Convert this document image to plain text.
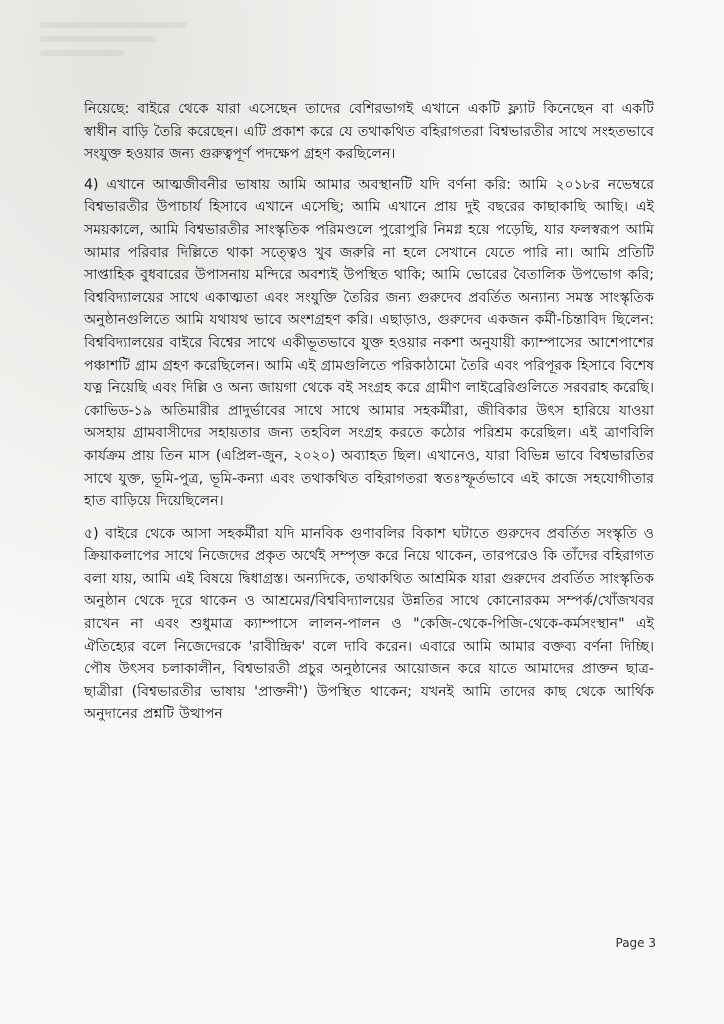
নিয়েছে: বাইরে থেকে যারা এসেছেন তাদের বেশিরভাগই এখানে একটি ফ্ল্যাট কিনেছেন বা একটি স্বাধীন বাড়ি তৈরি করেছেন। এটি প্রকাশ করে যে তথাকথিত বহিরাগতরা বিশ্বভারতীর সাথে সংহতভাবে সংযুক্ত হওয়ার জন্য গুরুত্বপূর্ণ পদক্ষেপ গ্রহণ করছিলেন।

4) এখানে আত্মজীবনীর ভাষায় আমি আমার অবস্থানটি যদি বর্ণনা করি: আমি ২০১৮র নভেম্বরে বিশ্বভারতীর উপাচার্য হিসাবে এখানে এসেছি; আমি এখানে প্রায় দুই বছরের কাছাকাছি আছি। এই সময়কালে, আমি বিশ্বভারতীর সাংস্কৃতিক পরিমণ্ডলে পুরোপুরি নিমগ্ন হয়ে পড়েছি, যার ফলস্বরূপ আমি আমার পরিবার দিল্লিতে থাকা সত্ত্বেও খুব জরুরি না হলে সেখানে যেতে পারি না। আমি প্রতিটি সাপ্তাহিক বুধবারের উপাসনায় মন্দিরে অবশ্যই উপস্থিত থাকি; আমি ভোরের বৈতালিক উপভোগ করি; বিশ্ববিদ্যালয়ের সাথে একাত্মতা এবং সংযুক্তি তৈরির জন্য গুরুদেব প্রবর্তিত অন্যান্য সমস্ত সাংস্কৃতিক অনুষ্ঠানগুলিতে আমি যথাযথ ভাবে অংশগ্রহণ করি। এছাড়াও, গুরুদেব একজন কর্মী-চিন্তাবিদ ছিলেন: বিশ্ববিদ্যালয়ের বাইরে বিশ্বের সাথে একীভূতভাবে যুক্ত হওয়ার নকশা অনুযায়ী ক্যাম্পাসের আশেপাশের পঞ্চাশটি গ্রাম গ্রহণ করেছিলেন। আমি এই গ্রামগুলিতে পরিকাঠামো তৈরি এবং পরিপূরক হিসাবে বিশেষ যত্ন নিয়েছি এবং দিল্লি ও অন্য জায়গা থেকে বই সংগ্রহ করে গ্রামীণ লাইব্রেরিগুলিতে সরবরাহ করেছি। কোভিড-১৯ অতিমারীর প্রাদুর্ভাবের সাথে সাথে আমার সহকর্মীরা, জীবিকার উৎস হারিয়ে যাওয়া অসহায় গ্রামবাসীদের সহায়তার জন্য তহবিল সংগ্রহ করতে কঠোর পরিশ্রম করেছিল। এই ত্রাণবিলি কার্যক্রম প্রায় তিন মাস (এপ্রিল-জুন, ২০২০) অব্যাহত ছিল। এখানেও, যারা বিভিন্ন ভাবে বিশ্বভারতির সাথে যুক্ত, ভূমি-পুত্র, ভূমি-কন্যা এবং তথাকথিত বহিরাগতরা স্বতঃস্ফূর্তভাবে এই কাজে সহযোগীতার হাত বাড়িয়ে দিয়েছিলেন।

৫) বাইরে থেকে আসা সহকর্মীরা যদি মানবিক গুণাবলির বিকাশ ঘটাতে গুরুদেব প্রবর্তিত সংস্কৃতি ও ক্রিয়াকলাপের সাথে নিজেদের প্রকৃত অর্থেই সম্পৃক্ত করে নিয়ে থাকেন, তারপরেও কি তাঁদের বহিরাগত বলা যায়, আমি এই বিষয়ে দ্বিধাগ্রস্ত। অন্যদিকে, তথাকথিত আশ্রমিক যারা গুরুদেব প্রবর্তিত সাংস্কৃতিক অনুষ্ঠান থেকে দূরে থাকেন ও আশ্রমের/বিশ্ববিদ্যালয়ের উন্নতির সাথে কোনোরকম সম্পর্ক/খোঁজখবর রাখেন না এবং শুধুমাত্র ক্যাম্পাসে লালন-পালন ও "কেজি-থেকে-পিজি-থেকে-কর্মসংস্থান" এই ঐতিহ্যের বলে নিজেদেরকে 'রাবীন্দ্রিক' বলে দাবি করেন। এবারে আমি আমার বক্তব্য বর্ণনা দিচ্ছি। পৌষ উৎসব চলাকালীন, বিশ্বভারতী প্রচুর অনুষ্ঠানের আয়োজন করে যাতে আমাদের প্রাক্তন ছাত্র-ছাত্রীরা (বিশ্বভারতীর ভাষায় 'প্রাক্তনী') উপস্থিত থাকেন; যখনই আমি তাদের কাছ থেকে আর্থিক অনুদানের প্রশ্নটি উত্থাপন

Page 3
